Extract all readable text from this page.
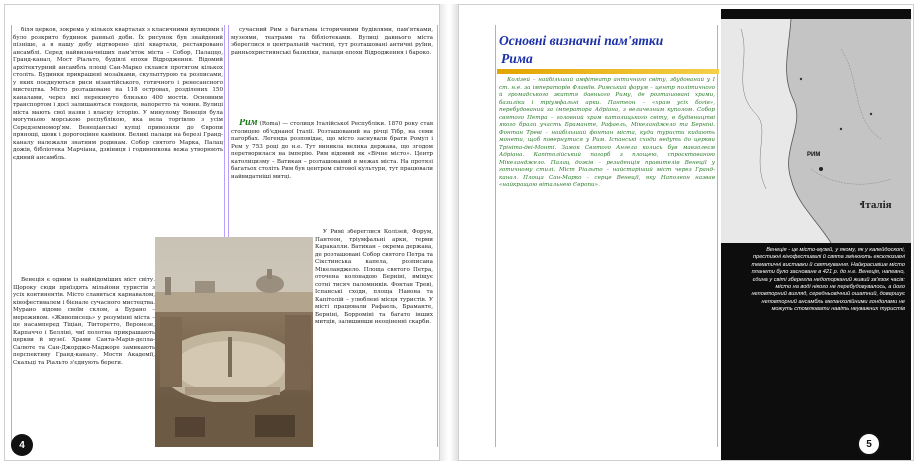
біля церков, зокрема у кількох кварталах з класичними вулицями і було розкрито будинок ранньої доби. Їх рисунок був знайдений пізніше, а в нашу добу відтворено цілі квартали, реставровано ансамблі. Серед найвизначніших пам'яток міста – Собор, Палаццо, Гранд-канал, Мост Ріальто, будівлі епохи Відродження. Відомий архітектурний ансамбль площі Сан-Марко склався протягом кількох століть. Будинки прикрашені мозаїками, скульптурою та розписами, у яких поєднуються риси візантійського, готичного і ренесансного мистецтва. Місто розташоване на 118 островах, розділених 150 каналами, через які перекинуто близько 400 мостів. Основним транспортом і досі залишаються гондоли, вапоретто та човни. Вулиці міста мають свої назви і власну історію. У минулому Венеція була могутньою морською республікою, яка вела торгівлю з усім Середземномор'ям. Венеціанські купці привозили до Європи прянощі, шовк і дорогоцінне каміння. Великі палаци на березі Гранд-каналу належали знатним родинам. Собор святого Марка, Палац дожів, бібліотека Марчіана, дзвіниця і годинникова вежа утворюють єдиний ансамбль.

Венеція є одним із найвідоміших міст світу. Щороку сюди приїздять мільйони туристів з усіх континентів. Місто славиться карнавалом, кінофестивалем і бієнале сучасного мистецтва. Мурано відоме своїм склом, а Бурано – мереживом. «Живописець» у розумінні міста – це насамперед Тіціан, Тінторетто, Веронезе, Карпаччо і Белліні, чиї полотна прикрашають церкви й музеї. Храми Санта-Марія-делла-Салюте та Сан-Джорджо-Маджоре замикають перспективу Гранд-каналу. Мости Академії, Скальці та Ріальто з'єднують береги.

сучасний Рим з багатьма історичними будівлями, пам'ятками, музеями, театрами та бібліотеками. Вулиці давнього міста збереглися в центральній частині, тут розташовані античні руїни, ранньохристиянські базиліки, палаци епохи Відродження і бароко.

Рим (Roma) — столиця Італійської Республіки. 1870 року став столицею об'єднаної Італії. Розташований на річці Тібр, на семи пагорбах. Легенда розповідає, що місто заснували брати Ромул і Рем у 753 році до н.е. Тут виникла велика держава, що згодом перетворилася на імперію. Рим відомий як «Вічне місто». Центр католицизму – Ватикан – розташований в межах міста. На протязі багатьох століть Рим був центром світової культури, тут працювали найвидатніші митці.

У Римі збереглися Колізей, Форум, Пантеон, тріумфальні арки, терми Каракалли. Ватикан – окрема держава, де розташовані Собор святого Петра та Сікстинська капела, розписана Мікеланджело. Площа святого Петра, оточена колонадою Берніні, вміщує сотні тисяч паломників. Фонтан Треві, Іспанські сходи, площа Навона та Капітолій – улюблені місця туристів. У місті працювали Рафаель, Браманте, Берніні, Борроміні та багато інших митців, залишивши неоціненні скарби.

4
Основні визначні пам'ятки
Рима

Колізей – найбільший амфітеатр античного світу, збудований у I ст. н.е. за імператорів Флавіїв. Римський форум – центр політичного й громадського життя давнього Риму, де розташовані храми, базиліки і тріумфальні арки. Пантеон – «храм усіх богів», перебудований за імператора Адріана, з величезним куполом. Собор святого Петра – головний храм католицького світу, в будівництві якого брали участь Браманте, Рафаель, Мікеланджело та Берніні. Фонтан Треві – найбільший фонтан міста, куди туристи кидають монети, щоб повернутися у Рим. Іспанські сходи ведуть до церкви Трініта-деі-Монті. Замок Святого Ангела колись був мавзолеєм Адріана. Капітолійський пагорб з площею, спроєктованою Мікеланджело. Палац дожів – резиденція правителів Венеції у готичному стилі. Міст Ріальто – найстаріший міст через Гранд-канал. Площа Сан-Марко – серце Венеції, яку Наполеон назвав «найкращою вітальнею Європи».

РИМ
Італія
Венеція - це місто-музей, у якому, як у калейдоскопі, престижні кінофестивалі й свята змінюють ексклюзивні тематичні виставки й святкування. Найкрасивіше місто планети було засноване в 421 р. до н.е. Венеція, напевно, єдина у світі зберегла недоторканий живий зв'язок часів: місто на воді нікого не перебудовувалось, а його неповторний вигляд, середньовічний ошатний, довершує неповторний ансамбль меланхолійними гондолами не можуть стомлювати навіть неуважних туристів
5
